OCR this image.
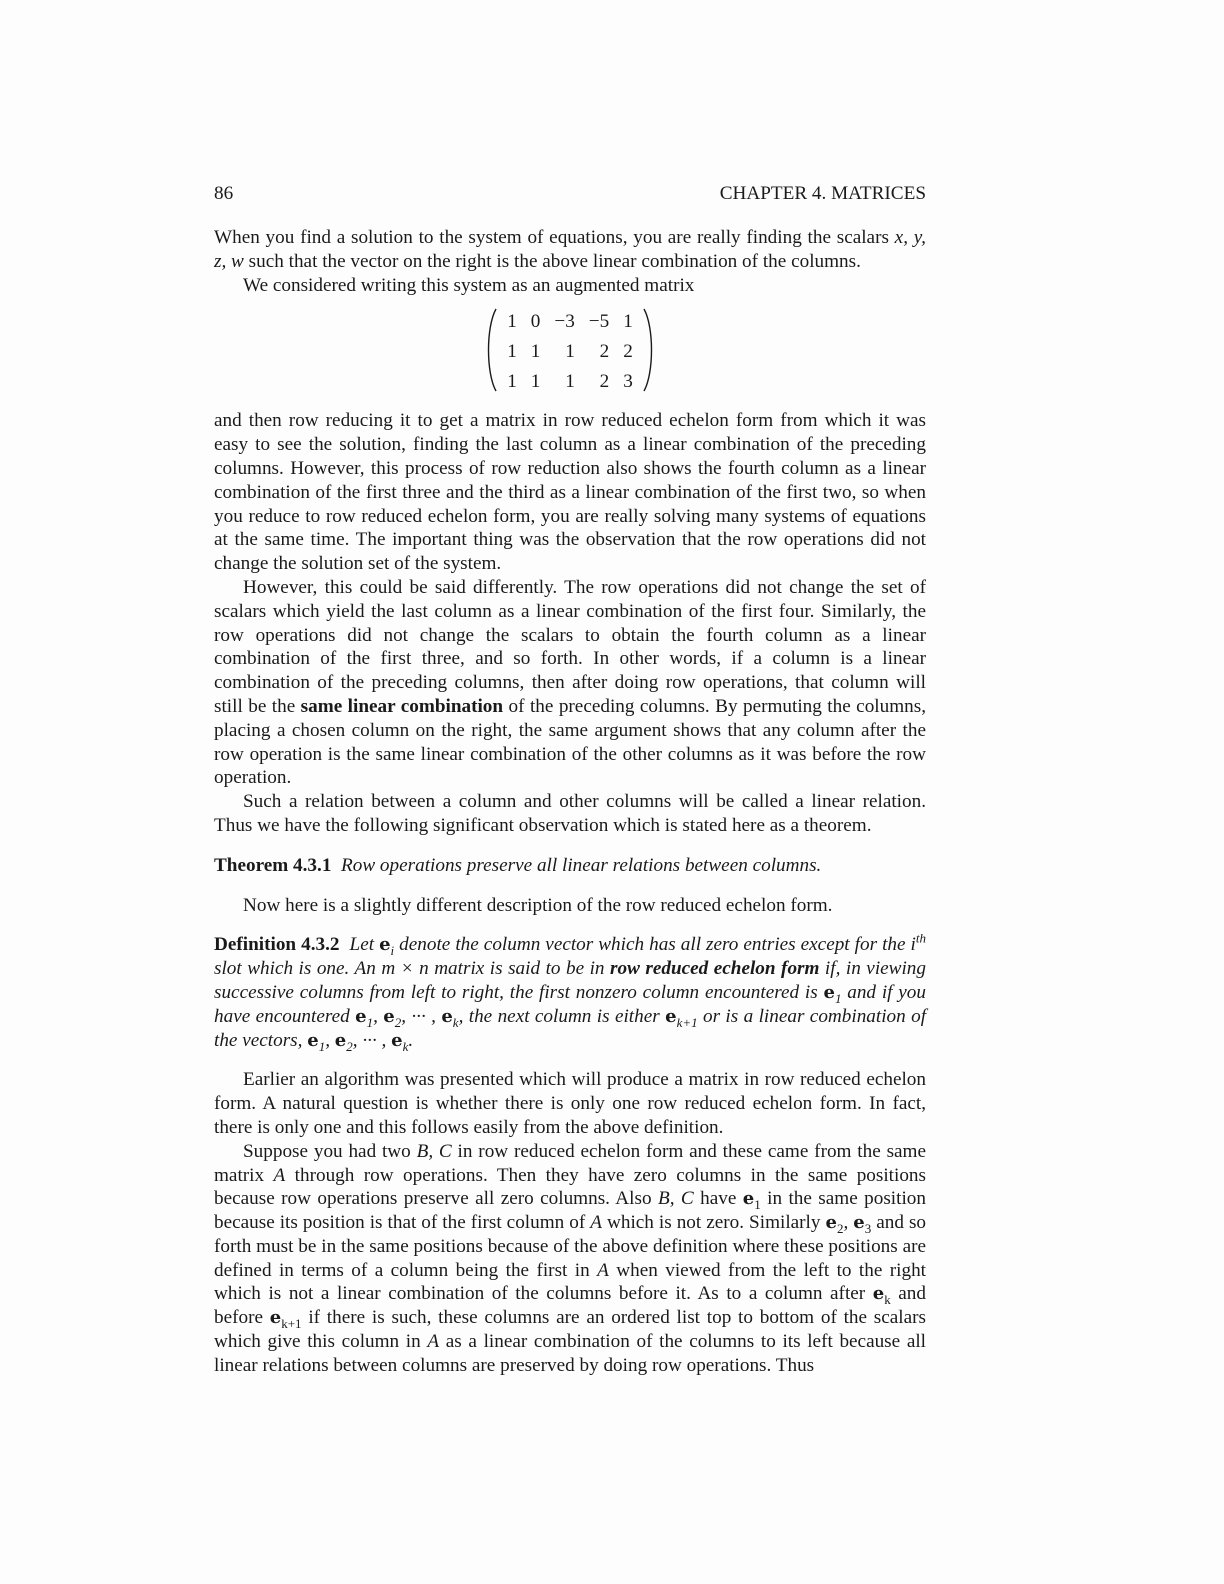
86	CHAPTER 4. MATRICES

When you find a solution to the system of equations, you are really finding the scalars x, y, z, w such that the vector on the right is the above linear combination of the columns.

We considered writing this system as an augmented matrix

1	0	−3	−5	1
1	1	1	2	2
1	1	1	2	3

and then row reducing it to get a matrix in row reduced echelon form from which it was easy to see the solution, finding the last column as a linear combination of the preceding columns. However, this process of row reduction also shows the fourth column as a linear combination of the first three and the third as a linear combination of the first two, so when you reduce to row reduced echelon form, you are really solving many systems of equations at the same time. The important thing was the observation that the row operations did not change the solution set of the system.

However, this could be said differently. The row operations did not change the set of scalars which yield the last column as a linear combination of the first four. Similarly, the row operations did not change the scalars to obtain the fourth column as a linear combination of the first three, and so forth. In other words, if a column is a linear combination of the preceding columns, then after doing row operations, that column will still be the same linear combination of the preceding columns. By permuting the columns, placing a chosen column on the right, the same argument shows that any column after the row operation is the same linear combination of the other columns as it was before the row operation.

Such a relation between a column and other columns will be called a linear relation. Thus we have the following significant observation which is stated here as a theorem.

Theorem 4.3.1 Row operations preserve all linear relations between columns.

Now here is a slightly different description of the row reduced echelon form.

Definition 4.3.2 Let $e_i$ denote the column vector which has all zero entries except for the $i^{th}$ slot which is one. An m × n matrix is said to be in row reduced echelon form if, in viewing successive columns from left to right, the first nonzero column encountered is $e_1$ and if you have encountered $e_1$, $e_2$, ··· , $e_k$, the next column is either $e_{k+1}$ or is a linear combination of the vectors, $e_1$, $e_2$, ··· , $e_k$.

Earlier an algorithm was presented which will produce a matrix in row reduced echelon form. A natural question is whether there is only one row reduced echelon form. In fact, there is only one and this follows easily from the above definition.

Suppose you had two B, C in row reduced echelon form and these came from the same matrix A through row operations. Then they have zero columns in the same positions because row operations preserve all zero columns. Also B, C have $e_1$ in the same position because its position is that of the first column of A which is not zero. Similarly $e_2$, $e_3$ and so forth must be in the same positions because of the above definition where these positions are defined in terms of a column being the first in A when viewed from the left to the right which is not a linear combination of the columns before it. As to a column after $e_k$ and before $e_{k+1}$ if there is such, these columns are an ordered list top to bottom of the scalars which give this column in A as a linear combination of the columns to its left because all linear relations between columns are preserved by doing row operations. Thus
